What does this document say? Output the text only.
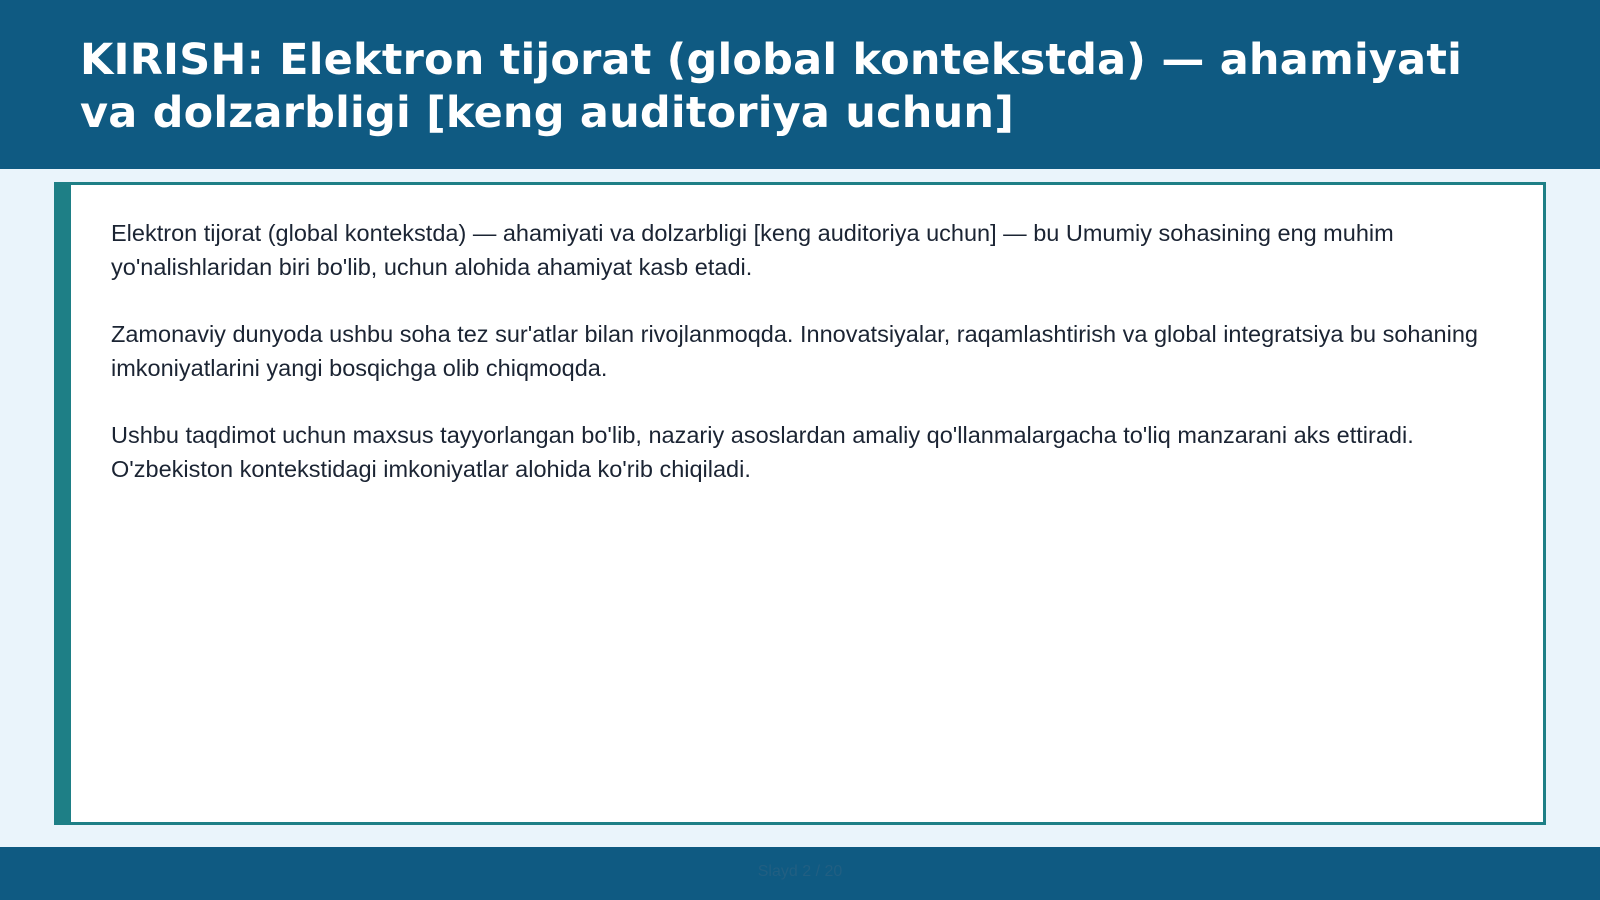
KIRISH: Elektron tijorat (global kontekstda) — ahamiyati va dolzarbligi [keng auditoriya uchun]

Elektron tijorat (global kontekstda) — ahamiyati va dolzarbligi [keng auditoriya uchun] — bu Umumiy sohasining eng muhim yo'nalishlaridan biri bo'lib, uchun alohida ahamiyat kasb etadi.

Zamonaviy dunyoda ushbu soha tez sur'atlar bilan rivojlanmoqda. Innovatsiyalar, raqamlashtirish va global integratsiya bu sohaning imkoniyatlarini yangi bosqichga olib chiqmoqda.

Ushbu taqdimot uchun maxsus tayyorlangan bo'lib, nazariy asoslardan amaliy qo'llanmalargacha to'liq manzarani aks ettiradi. O'zbekiston kontekstidagi imkoniyatlar alohida ko'rib chiqiladi.

Slayd 2 / 20
